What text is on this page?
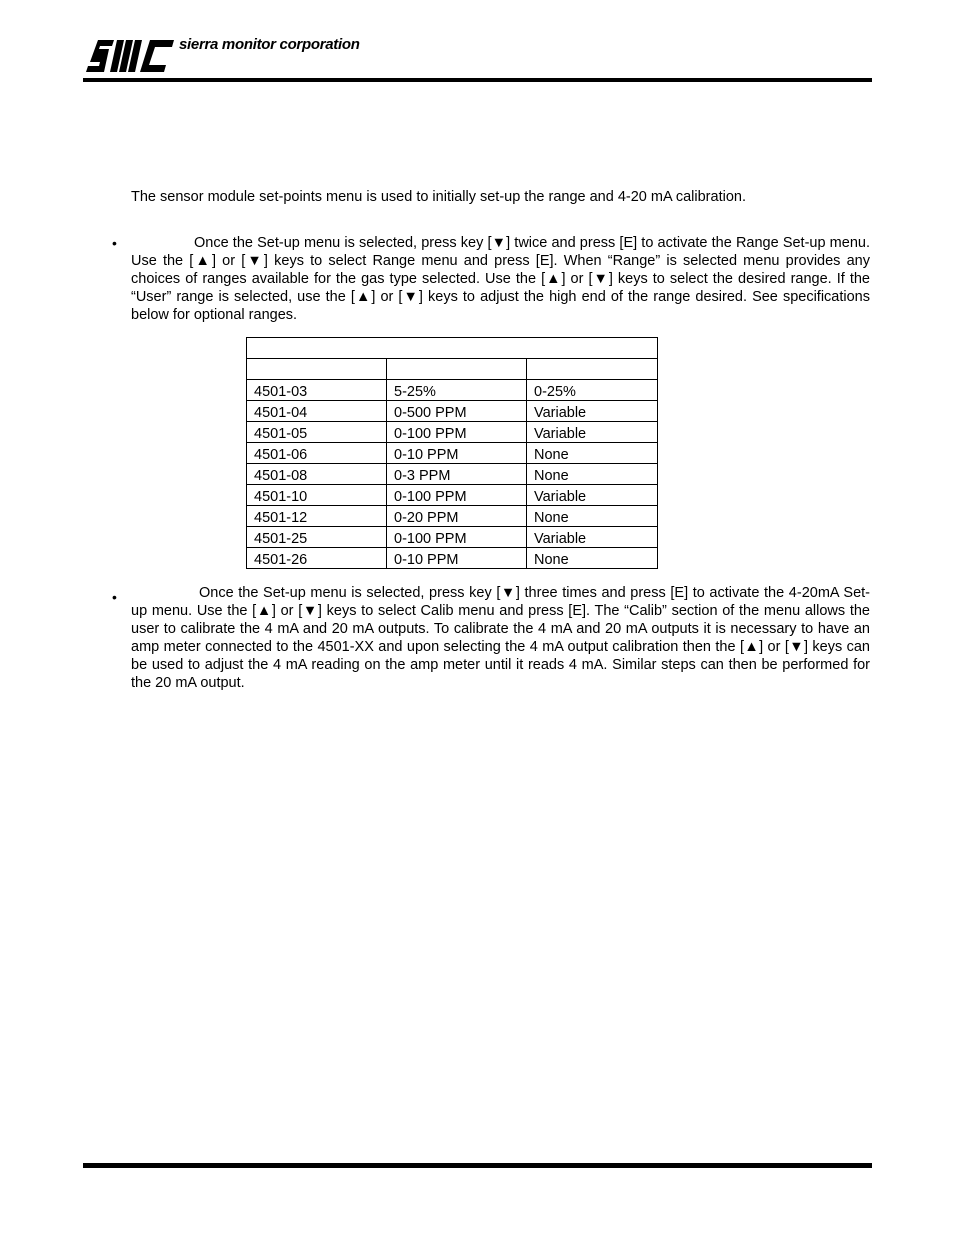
sierra monitor corporation
The sensor module set-points menu is used to initially set-up the range and 4-20 mA calibration.
•	Once the Set-up menu is selected, press key [▼] twice and press [E] to activate the Range Set-up menu. Use the [▲] or [▼] keys to select Range menu and press [E]. When “Range” is selected menu provides any choices of ranges available for the gas type selected. Use the [▲] or [▼] keys to select the desired range. If the “User” range is selected, use the [▲] or [▼] keys to adjust the high end of the range desired. See specifications below for optional ranges.

4501-03	5-25%	0-25%
4501-04	0-500 PPM	Variable
4501-05	0-100 PPM	Variable
4501-06	0-10 PPM	None
4501-08	0-3 PPM	None
4501-10	0-100 PPM	Variable
4501-12	0-20 PPM	None
4501-25	0-100 PPM	Variable
4501-26	0-10 PPM	None
•	Once the Set-up menu is selected, press key [▼] three times and press [E] to activate the 4-20mA Set-up menu. Use the [▲] or [▼] keys to select Calib menu and press [E]. The “Calib” section of the menu allows the user to calibrate the 4 mA and 20 mA outputs. To calibrate the 4 mA and 20 mA outputs it is necessary to have an amp meter connected to the 4501-XX and upon selecting the 4 mA output calibration then the [▲] or [▼] keys can be used to adjust the 4 mA reading on the amp meter until it reads 4 mA. Similar steps can then be performed for the 20 mA output.
